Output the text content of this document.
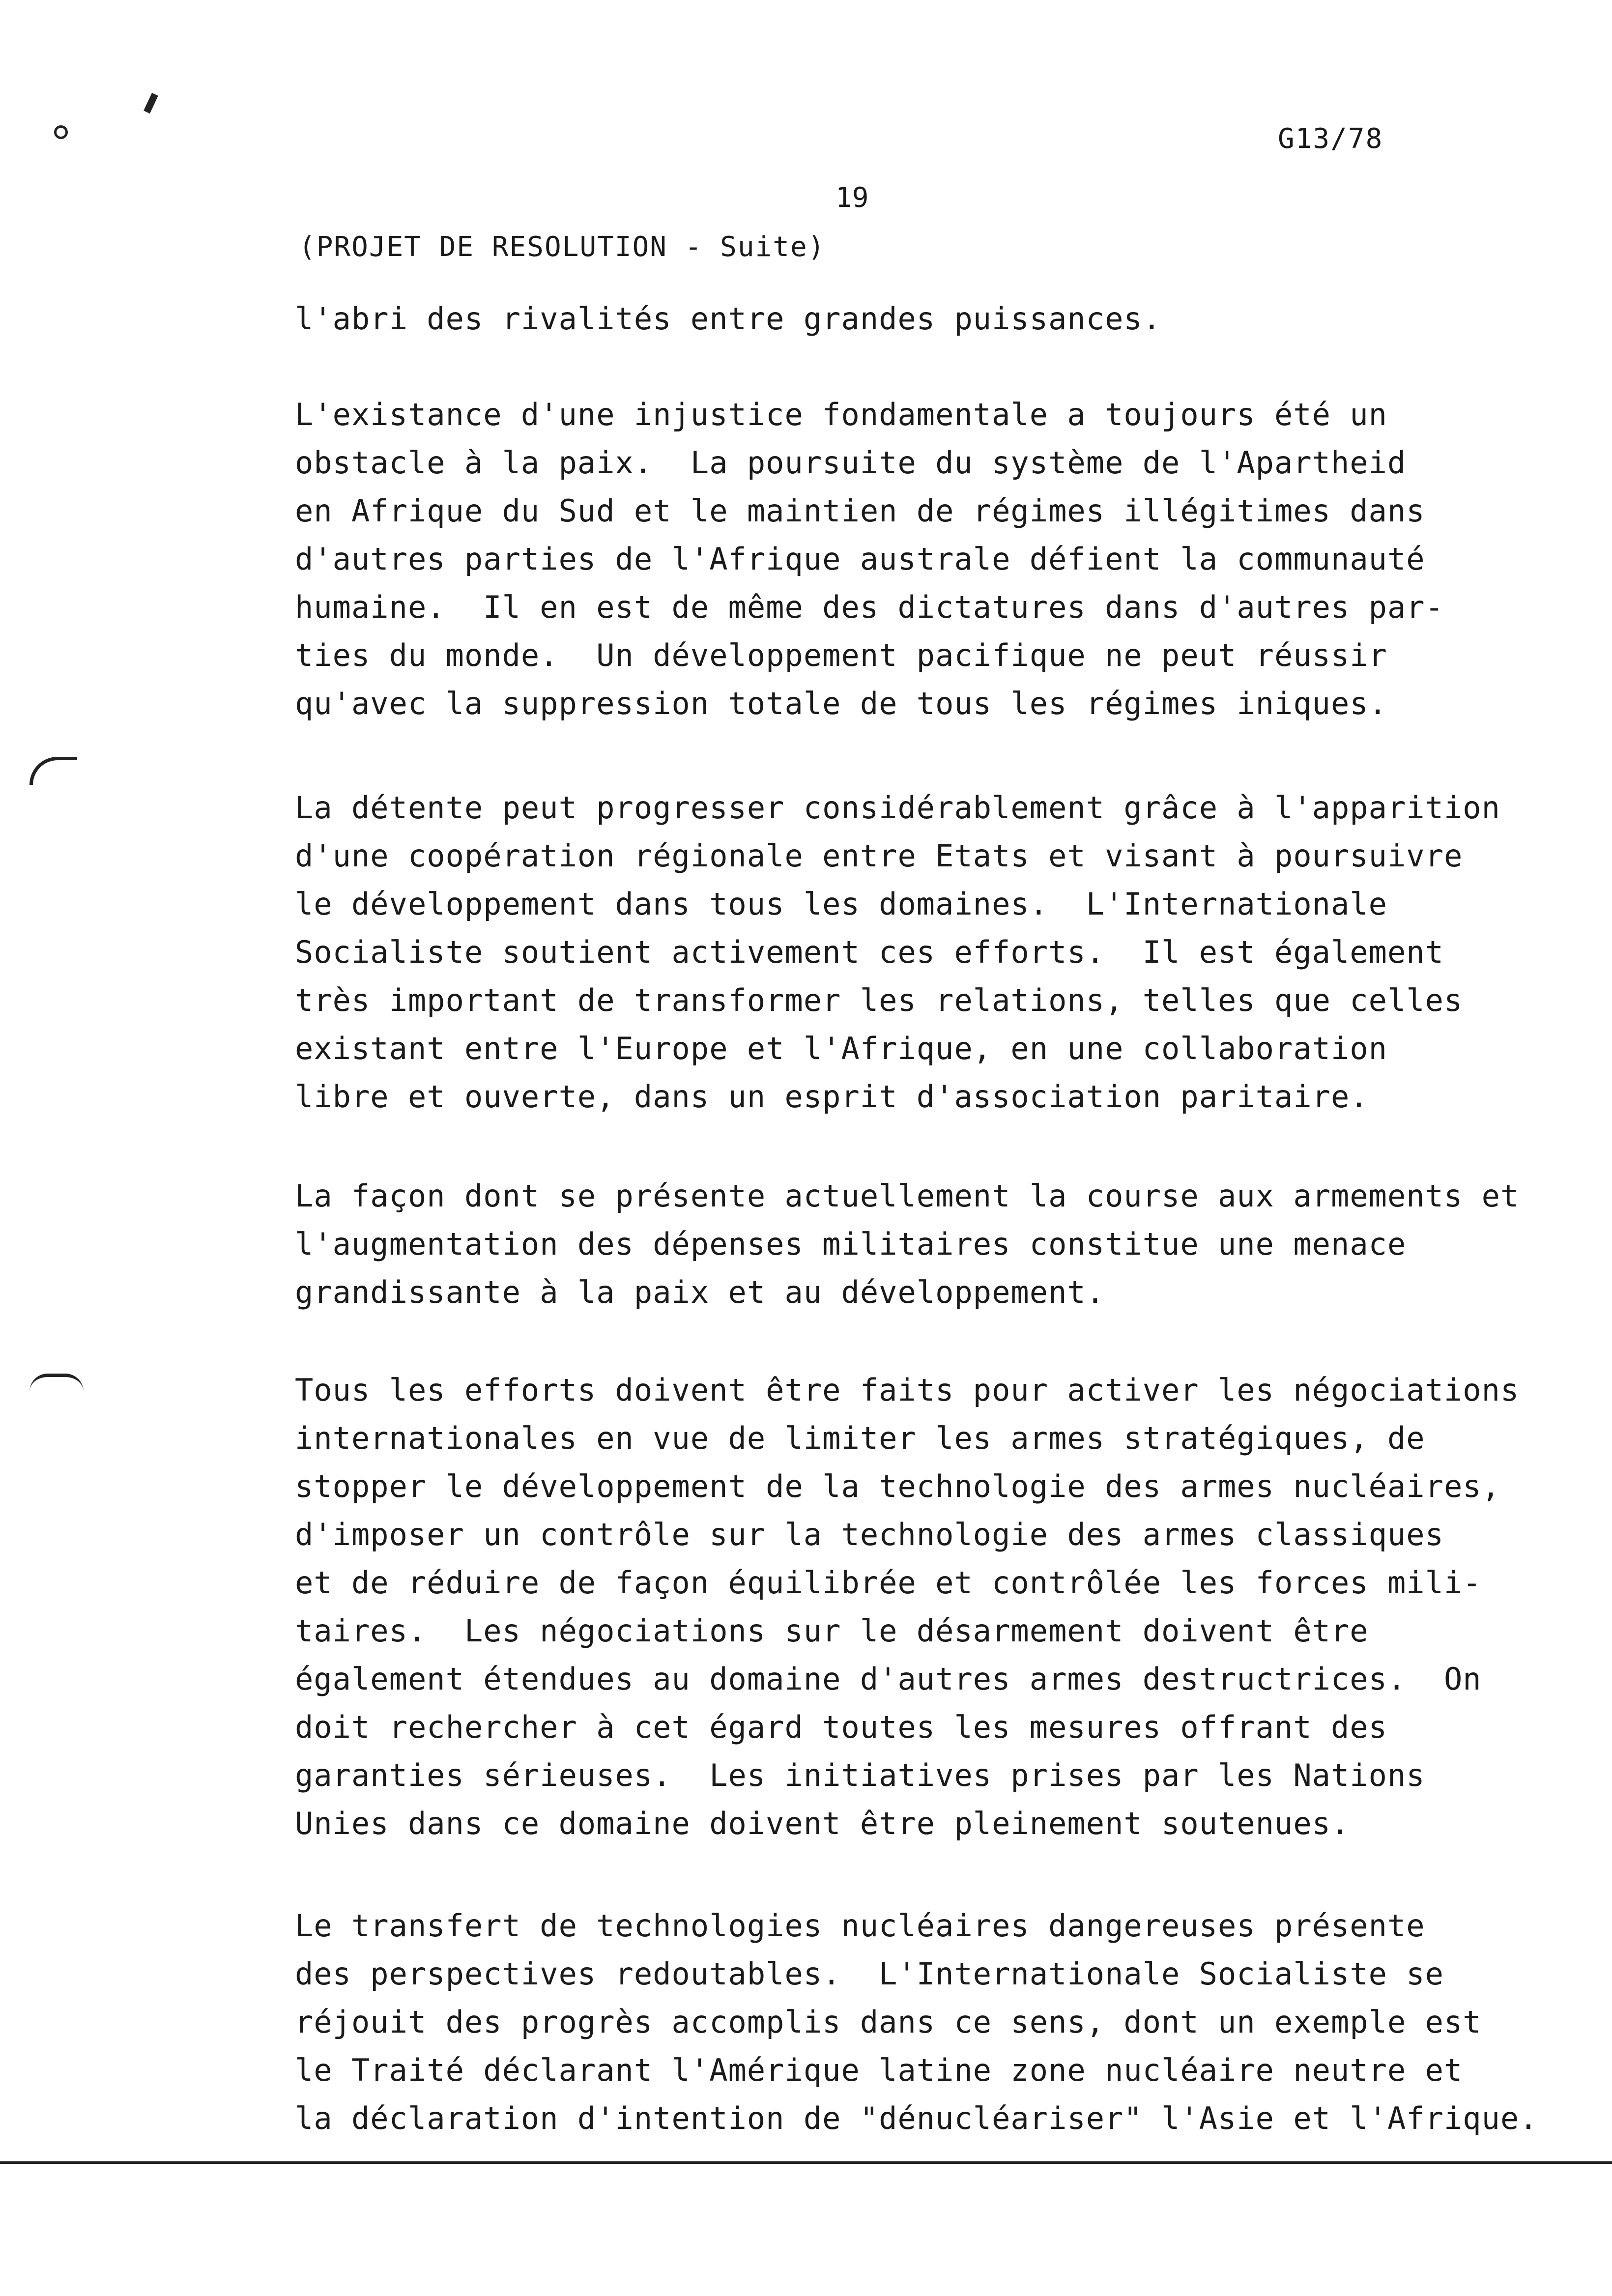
G13/78
19
(PROJET DE RESOLUTION - Suite)

l'abri des rivalités entre grandes puissances.

L'existance d'une injustice fondamentale a toujours été un
obstacle à la paix.  La poursuite du système de l'Apartheid
en Afrique du Sud et le maintien de régimes illégitimes dans
d'autres parties de l'Afrique australe défient la communauté
humaine.  Il en est de même des dictatures dans d'autres par-
ties du monde.  Un développement pacifique ne peut réussir
qu'avec la suppression totale de tous les régimes iniques.

La détente peut progresser considérablement grâce à l'apparition
d'une coopération régionale entre Etats et visant à poursuivre
le développement dans tous les domaines.  L'Internationale
Socialiste soutient activement ces efforts.  Il est également
très important de transformer les relations, telles que celles
existant entre l'Europe et l'Afrique, en une collaboration
libre et ouverte, dans un esprit d'association paritaire.

La façon dont se présente actuellement la course aux armements et
l'augmentation des dépenses militaires constitue une menace
grandissante à la paix et au développement.

Tous les efforts doivent être faits pour activer les négociations
internationales en vue de limiter les armes stratégiques, de
stopper le développement de la technologie des armes nucléaires,
d'imposer un contrôle sur la technologie des armes classiques
et de réduire de façon équilibrée et contrôlée les forces mili-
taires.  Les négociations sur le désarmement doivent être
également étendues au domaine d'autres armes destructrices.  On
doit rechercher à cet égard toutes les mesures offrant des
garanties sérieuses.  Les initiatives prises par les Nations
Unies dans ce domaine doivent être pleinement soutenues.

Le transfert de technologies nucléaires dangereuses présente
des perspectives redoutables.  L'Internationale Socialiste se
réjouit des progrès accomplis dans ce sens, dont un exemple est
le Traité déclarant l'Amérique latine zone nucléaire neutre et
la déclaration d'intention de "dénucléariser" l'Asie et l'Afrique.
